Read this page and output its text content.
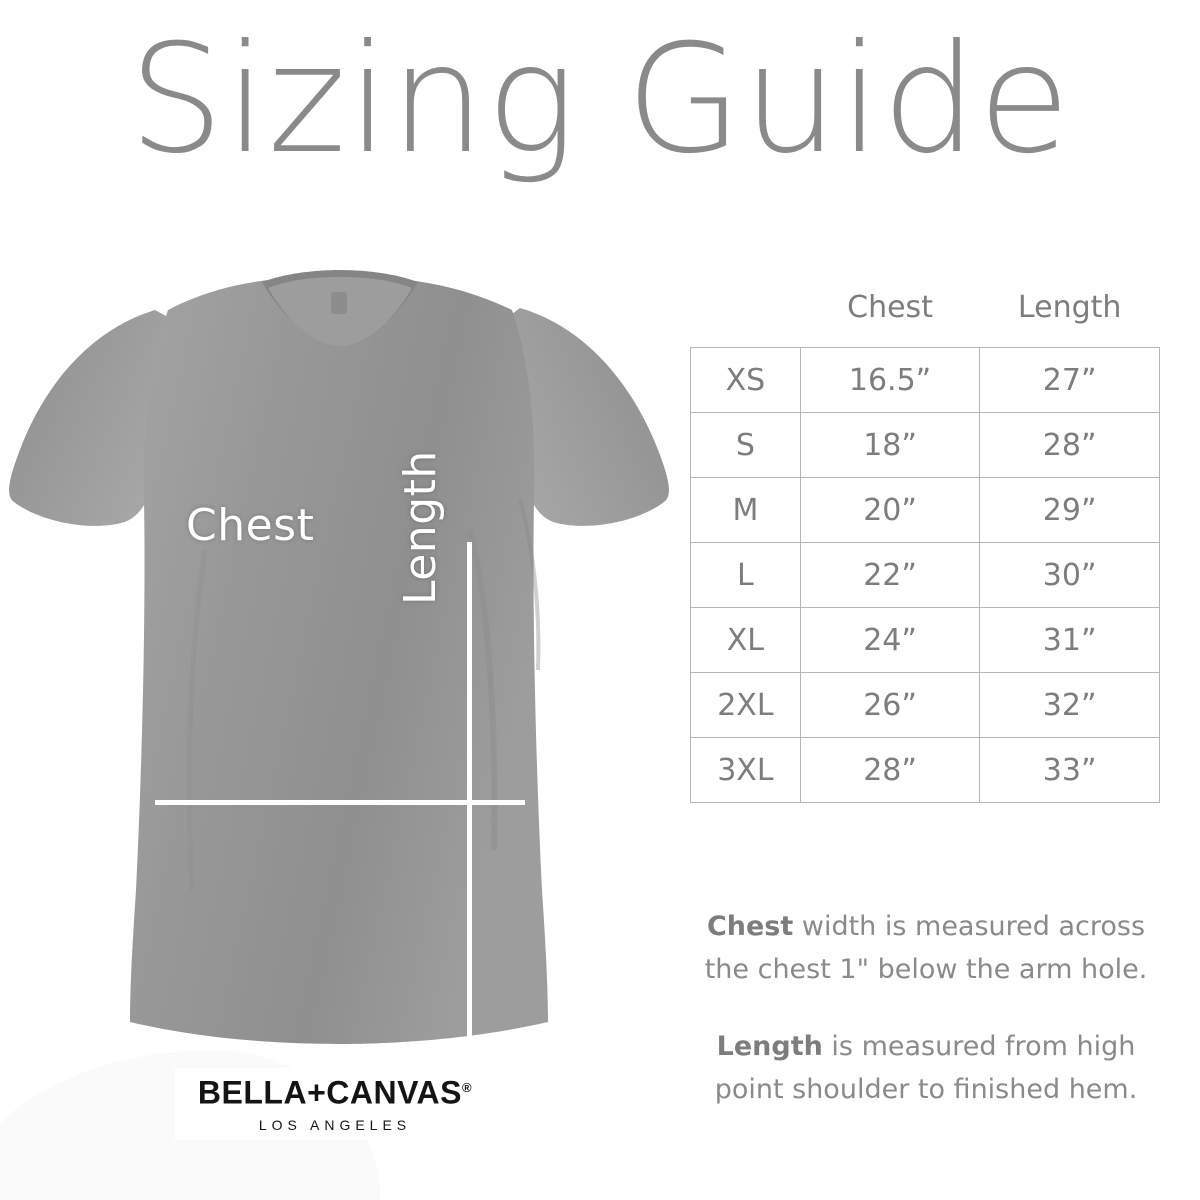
Sizing Guide
Chest Length
BELLA+CANVAS®
LOS ANGELES
	Chest	Length
XS	16.5”	27”
S	18”	28”
M	20”	29”
L	22”	30”
XL	24”	31”
2XL	26”	32”
3XL	28”	33”

Chest width is measured across the chest 1" below the arm hole.

Length is measured from high point shoulder to finished hem.
